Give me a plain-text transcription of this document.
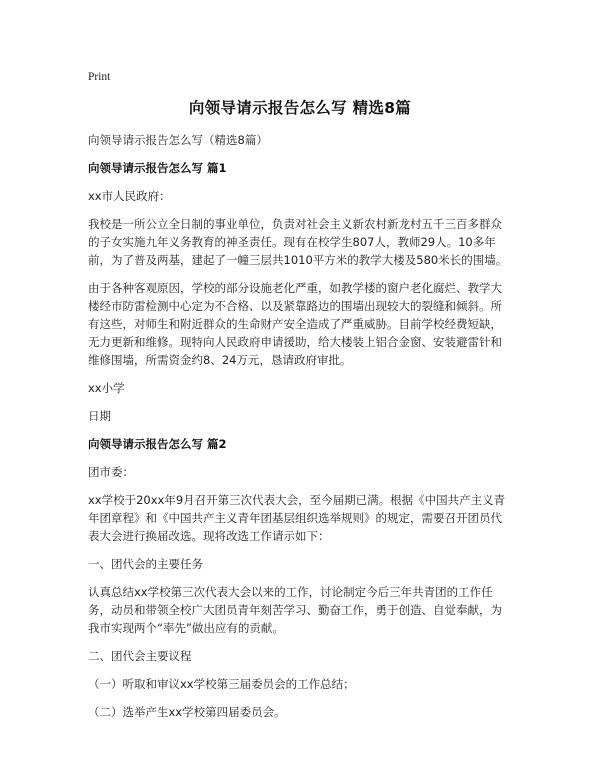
Print
向领导请示报告怎么写 精选8篇

向领导请示报告怎么写（精选8篇）

向领导请示报告怎么写 篇1

xx市人民政府：

我校是一所公立全日制的事业单位，负责对社会主义新农村新龙村五千三百多群众的子女实施九年义务教育的神圣责任。现有在校学生807人，教师29人。10多年前，为了普及两基，建起了一幢三层共1010平方米的教学大楼及580米长的围墙。

由于各种客观原因，学校的部分设施老化严重，如教学楼的窗户老化腐烂、教学大楼经市防雷检测中心定为不合格、以及紧靠路边的围墙出现较大的裂缝和倾斜。所有这些，对师生和附近群众的生命财产安全造成了严重威胁。目前学校经费短缺，无力更新和维修。现特向人民政府申请援助，给大楼装上铝合金窗、安装避雷针和维修围墙，所需资金约8、24万元，恳请政府审批。

xx小学

日期

向领导请示报告怎么写 篇2

团市委：

xx学校于20xx年9月召开第三次代表大会，至今届期已满。根据《中国共产主义青年团章程》和《中国共产主义青年团基层组织选举规则》的规定，需要召开团员代表大会进行换届改选。现将改选工作请示如下：

一、团代会的主要任务

认真总结xx学校第三次代表大会以来的工作，讨论制定今后三年共青团的工作任务，动员和带领全校广大团员青年刻苦学习、勤奋工作，勇于创造、自觉奉献，为我市实现两个“率先”做出应有的贡献。

二、团代会主要议程

（一）听取和审议xx学校第三届委员会的工作总结；

（二）选举产生xx学校第四届委员会。
